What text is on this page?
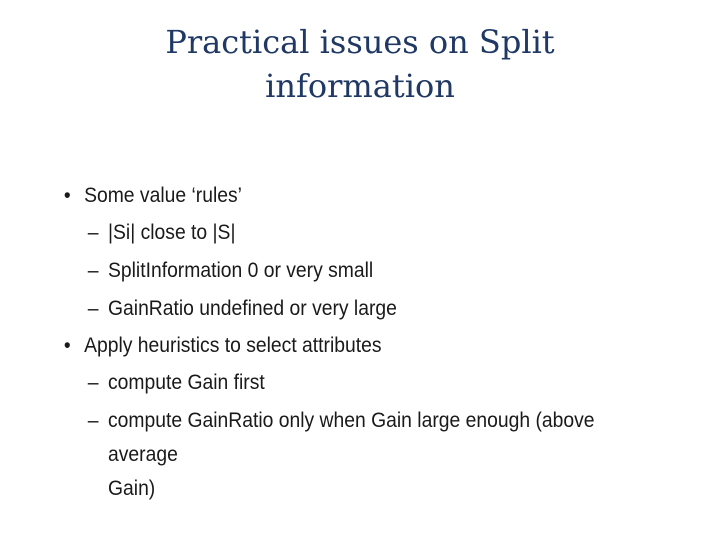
Practical issues on Split
information
• Some value ‘rules’
– |Si| close to |S|
– SplitInformation 0 or very small
– GainRatio undefined or very large
• Apply heuristics to select attributes
– compute Gain first
– compute GainRatio only when Gain large enough (above average
Gain)
